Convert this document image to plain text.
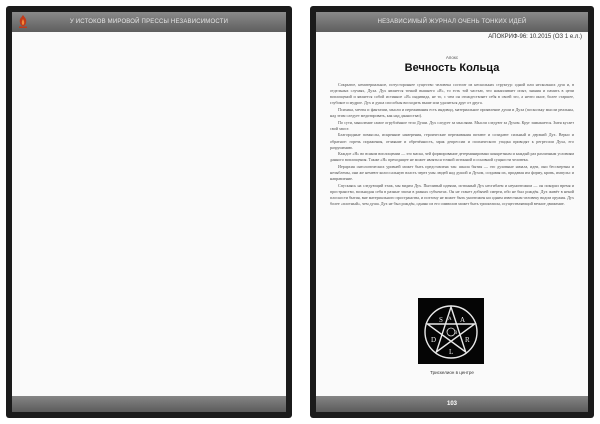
У ИСТОКОВ МИРОВОЙ ПРЕССЫ НЕЗАВИСИМОСТИ	НЕЗАВИСИМЫЙ ЖУРНАЛ ОЧЕНЬ ТОНКИХ ИДЕЙ
АПОКРИФ-96: 10.2015 (ОЗ 1 е.л.)
Апокс
Вечность Кольца

Сокрытое, нематериальное, потустороннее существо человека состоит из нескольких структур: одной или нескольких душ и, в отдельных случаях, Духа. Дух является точкой вышнего «Я», то есть той частью, что накапливает опыт, знания и память в цепи воплощений и является собой истинное «Я» индивида, не то, с чем он отождествляет себя в своей эго, а нечто иное, более старшее, глубокое и мудрое. Дух и душа способны восходить выше или удалиться друг от друга.

Психика, мечты и фантазии, мысли и переживания есть индивид, материальное проявление души и Духа (поскольку мысли реальны, над этим следует медитировать, как над данностью).

По сути, мышление самое огрублённое тело Души. Дух следует за мыслями. Мысли следуют за Духом. Круг замыкается. Змея кусает свой хвост.

Благородные помыслы, искренние намерения, героические переживания питают и созидают сильный и дерзкий Дух. Верно и обратное: горечь поражения, отчаяние и обречённость, мрак депрессии и психического упадка приводят к регрессии Духа, его разрушению.

Каждое «Я» во всяком воплощении — это маска, чей формирование детерминировано конкретным и каждый раз различным условиям данного воплощения. Также «Я» преходящее не может являться точкой истинной и основной сущности человека.

Иерархия онтологических уровней может быть представлена так: шкала бытия — это духовные начала, идеи, они бессмертны и незыблемы, они же немеют колоссальную власть через умы людей над душой и Духом, создавая их, придавая им форму, кровь, импульс и направление.

Спускаясь на следующий этаж, мы видим Дух. Пытливый идеями, истинный Дух несгибаем и неуничтожим — он покорил время и пространство, вольнодан себя в разные эпохи в разных субъектах. Он не станет добычей смерти, ибо не был рождён. Дух живёт в некой плоскости бытия, вне материального пространства, и поэтому не может быть уничтожен ни одним известным человеку видом оружия. Дух более «плотный», чем душа. Дух не был рождён, однако из его символов может быть трискелион, осуществляющий вечное движение.

S A
D
L
R
A
B
Трискелион в центре
103
